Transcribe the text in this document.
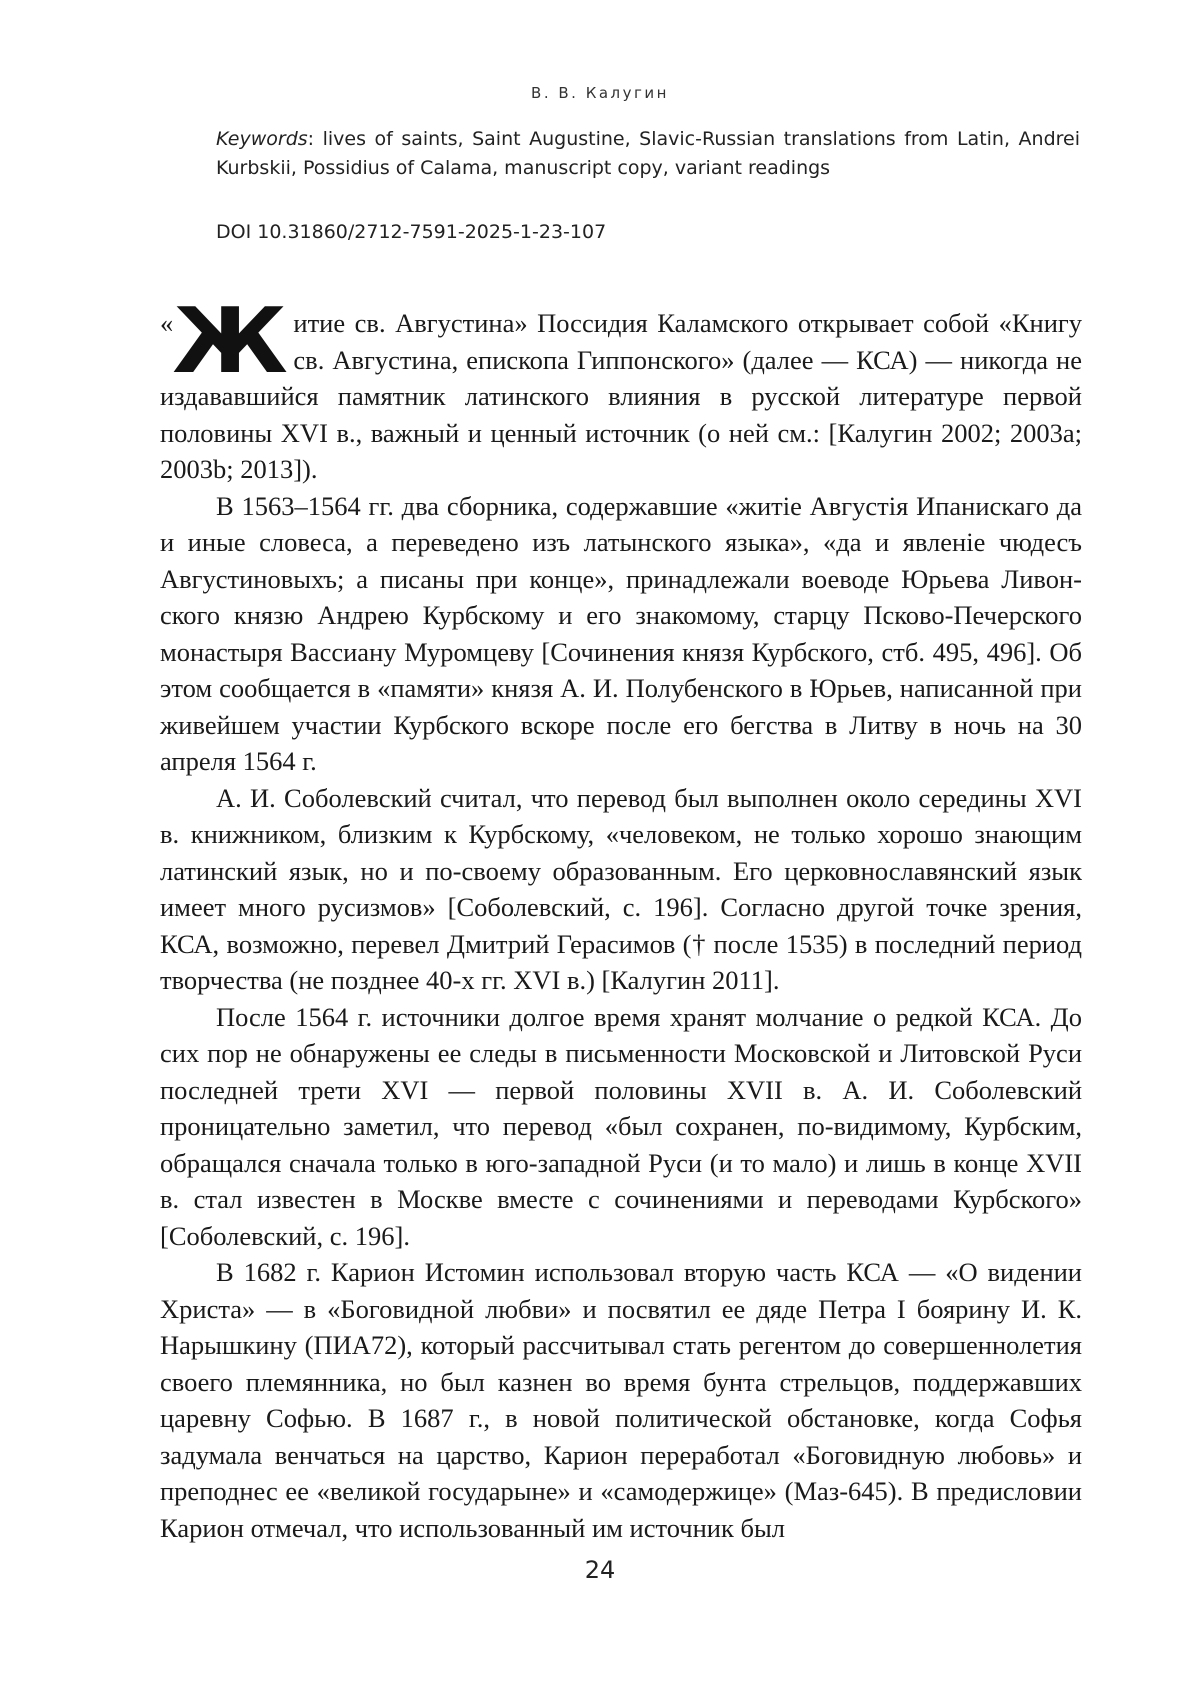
В. В. Калугин
Keywords: lives of saints, Saint Augustine, Slavic-Russian translations from Latin, Andrei Kurbskii, Possidius of Calama, manuscript copy, variant readings
DOI 10.31860/2712-7591-2025-1-23-107

« Ж итие св. Августина» Поссидия Каламского открывает собой «Книгу св. Августина, епископа Гиппонского» (далее — КСА) — никогда не издававшийся памятник латинского влияния в русской литературе первой половины XVI в., важный и ценный источник (о ней см.: [Калугин 2002; 2003a; 2003b; 2013]).

В 1563–1564 гг. два сборника, содержавшие «житіе Августія Ипанискаго да и иные словеса, а переведено изъ латынского языка», «да и явленіе чюдесъ Августиновыхъ; а писаны при конце», принадлежали воеводе Юрьева Ливонского князю Андрею Курбскому и его знакомому, старцу Псково-Печерского монастыря Вассиану Муромцеву [Сочинения князя Курбского, стб. 495, 496]. Об этом сообщается в «памяти» князя А. И. Полубенского в Юрьев, написанной при живейшем участии Курбского вскоре после его бегства в Литву в ночь на 30 апреля 1564 г.

А. И. Соболевский считал, что перевод был выполнен около середины XVI в. книжником, близким к Курбскому, «человеком, не только хорошо знающим латинский язык, но и по-своему образованным. Его церковнославянский язык имеет много русизмов» [Соболевский, с. 196]. Согласно другой точке зрения, КСА, возможно, перевел Дмитрий Герасимов († после 1535) в последний период творчества (не позднее 40-х гг. XVI в.) [Калугин 2011].

После 1564 г. источники долгое время хранят молчание о редкой КСА. До сих пор не обнаружены ее следы в письменности Московской и Литовской Руси последней трети XVI — первой половины XVII в. А. И. Соболевский проницательно заметил, что перевод «был сохранен, по-видимому, Курбским, обращался сначала только в юго-западной Руси (и то мало) и лишь в конце XVII в. стал известен в Москве вместе с сочинениями и переводами Курбского» [Соболевский, с. 196].

В 1682 г. Карион Истомин использовал вторую часть КСА — «О видении Христа» — в «Боговидной любви» и посвятил ее дяде Петра I боярину И. К. Нарышкину (ПИА72), который рассчитывал стать регентом до совершеннолетия своего племянника, но был казнен во время бунта стрельцов, поддержавших царевну Софью. В 1687 г., в новой политической обстановке, когда Софья задумала венчаться на царство, Карион переработал «Боговидную любовь» и преподнес ее «великой государыне» и «самодержице» (Маз-645). В предисловии Карион отмечал, что использованный им источник был

24
